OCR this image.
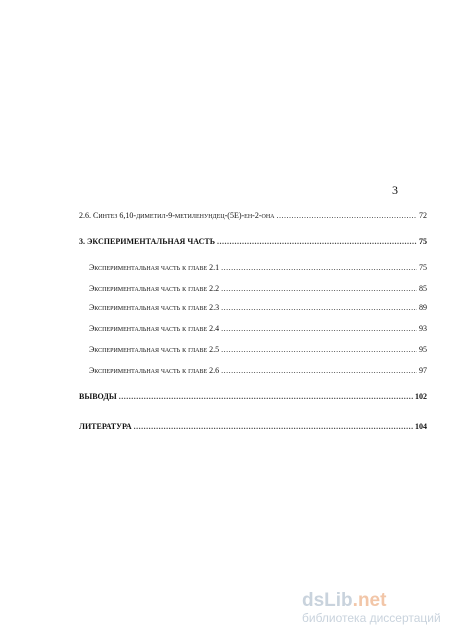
3
2.6. Синтез 6,10-диметил-9-метиленундец-(5E)-ен-2-она .....	72
3. ЭКСПЕРИМЕНТАЛЬНАЯ ЧАСТЬ .....	75
Экспериментальная часть к главе 2.1 .....	75
Экспериментальная часть к главе 2.2 .....	85
Экспериментальная часть к главе 2.3 .....	89
Экспериментальная часть к главе 2.4 .....	93
Экспериментальная часть к главе 2.5 .....	95
Экспериментальная часть к главе 2.6 .....	97
ВЫВОДЫ .....	102
ЛИТЕРАТУРА .....	104
dsLib.net
библиотека диссертаций
